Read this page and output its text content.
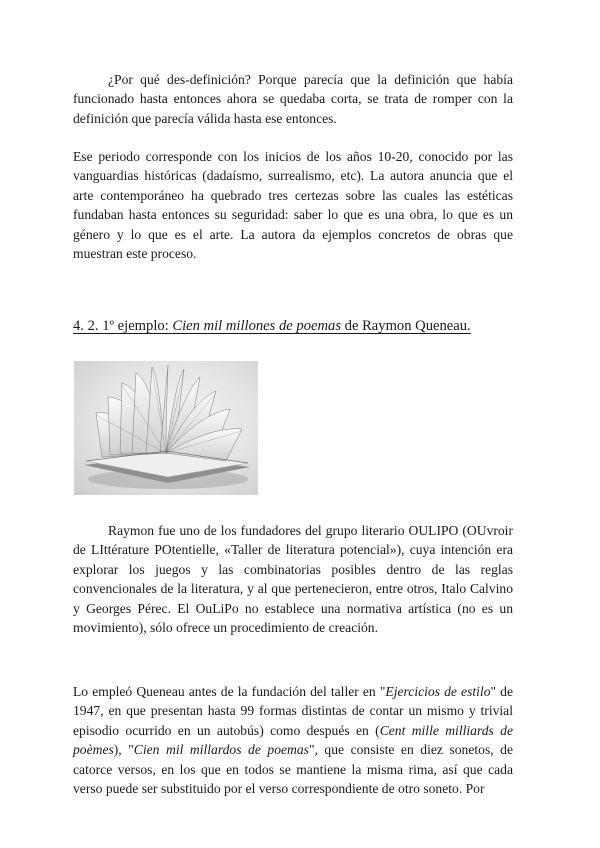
¿Por qué des-definición? Porque parecía que la definición que había funcionado hasta entonces ahora se quedaba corta, se trata de romper con la definición que parecía válida hasta ese entonces.

Ese periodo corresponde con los inicios de los años 10-20, conocido por las vanguardias históricas (dadaísmo, surrealismo, etc). La autora anuncia que el arte contemporáneo ha quebrado tres certezas sobre las cuales las estéticas fundaban hasta entonces su seguridad: saber lo que es una obra, lo que es un género y lo que es el arte. La autora da ejemplos concretos de obras que muestran este proceso.

4. 2. 1º ejemplo: Cien mil millones de poemas de Raymon Queneau.

Raymon fue uno de los fundadores del grupo literario OULIPO (OUvroir de LIttérature POtentielle, «Taller de literatura potencial»), cuya intención era explorar los juegos y las combinatorias posibles dentro de las reglas convencionales de la literatura, y al que pertenecieron, entre otros, Italo Calvino y Georges Pérec. El OuLiPo no establece una normativa artística (no es un movimiento), sólo ofrece un procedimiento de creación.

Lo empleó Queneau antes de la fundación del taller en "Ejercicios de estilo" de 1947, en que presentan hasta 99 formas distintas de contar un mismo y trivial episodio ocurrido en un autobús) como después en (Cent mille milliards de poèmes), "Cien mil millardos de poemas", que consiste en diez sonetos, de catorce versos, en los que en todos se mantiene la misma rima, así que cada verso puede ser substituido por el verso correspondiente de otro soneto. Por
